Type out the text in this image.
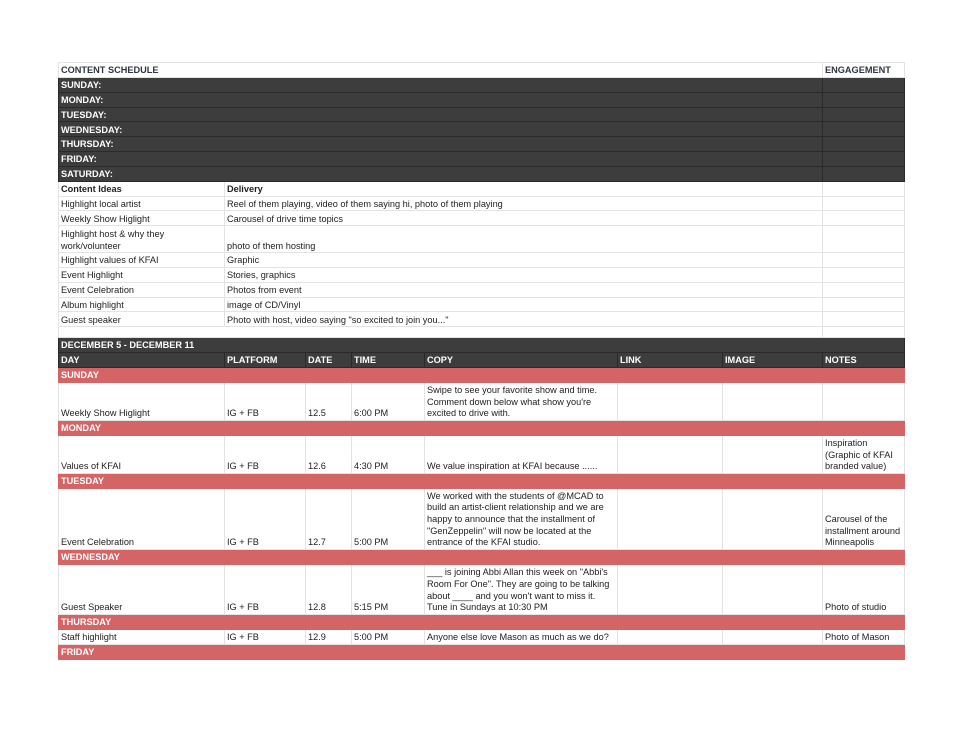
CONTENT SCHEDULE							ENGAGEMENT
SUNDAY:							
MONDAY:							
TUESDAY:							
WEDNESDAY:							
THURSDAY:							
FRIDAY:							
SATURDAY:							
Content Ideas	Delivery						
Highlight local artist	Reel of them playing, video of them saying hi, photo of them playing						
Weekly Show Higlight	Carousel of drive time topics						
Highlight host & why they work/volunteer	photo of them hosting						
Highlight values of KFAI	Graphic						
Event Highlight	Stories, graphics						
Event Celebration	Photos from event						
Album highlight	image of CD/Vinyl						
Guest speaker	Photo with host, video saying "so excited to join you..."						

DECEMBER 5 - DECEMBER 11							
DAY	PLATFORM	DATE	TIME	COPY	LINK	IMAGE	NOTES
SUNDAY							
Weekly Show Higlight	IG + FB	12.5	6:00 PM	Swipe to see your favorite show and time. Comment down below what show you're excited to drive with.			
MONDAY							
Values of KFAI	IG + FB	12.6	4:30 PM	We value inspiration at KFAI because ......			Inspiration (Graphic of KFAI branded value)
TUESDAY							
Event Celebration	IG + FB	12.7	5:00 PM	We worked with the students of @MCAD to build an artist-client relationship and we are happy to announce that the installment of "GenZeppelin" will now be located at the entrance of the KFAI studio.			Carousel of the installment around Minneapolis
WEDNESDAY							
Guest Speaker	IG + FB	12.8	5:15 PM	___ is joining Abbi Allan this week on "Abbi's Room For One". They are going to be talking about ____ and you won't want to miss it. Tune in Sundays at 10:30 PM			Photo of studio
THURSDAY							
Staff highlight	IG + FB	12.9	5:00 PM	Anyone else love Mason as much as we do?			Photo of Mason
FRIDAY							
